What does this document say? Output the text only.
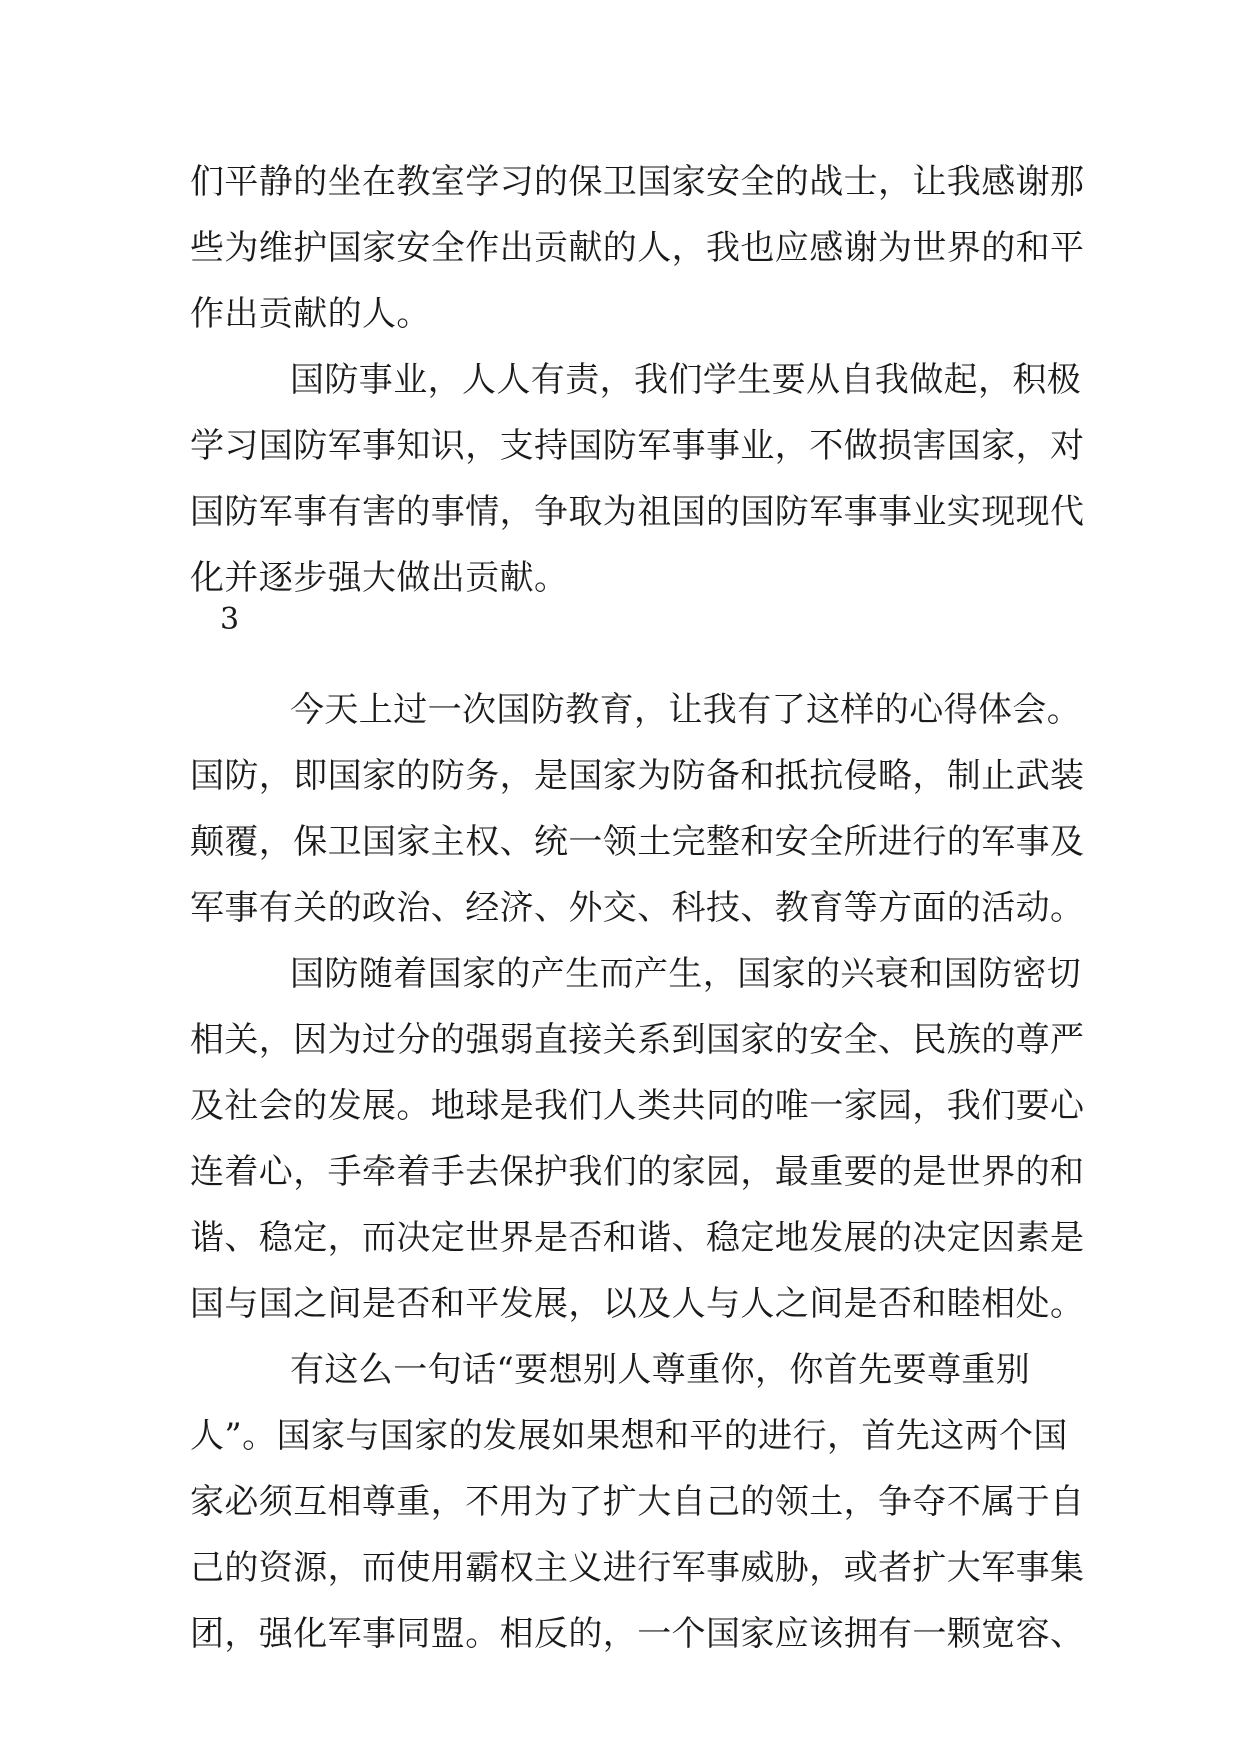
们平静的坐在教室学习的保卫国家安全的战士，让我感谢那
些为维护国家安全作出贡献的人，我也应感谢为世界的和平
作出贡献的人。
国防事业，人人有责，我们学生要从自我做起，积极
学习国防军事知识，支持国防军事事业，不做损害国家，对
国防军事有害的事情，争取为祖国的国防军事事业实现现代
化并逐步强大做出贡献。
3
今天上过一次国防教育，让我有了这样的心得体会。
国防，即国家的防务，是国家为防备和抵抗侵略，制止武装
颠覆，保卫国家主权、统一领土完整和安全所进行的军事及
军事有关的政治、经济、外交、科技、教育等方面的活动。
国防随着国家的产生而产生，国家的兴衰和国防密切
相关，因为过分的强弱直接关系到国家的安全、民族的尊严
及社会的发展。地球是我们人类共同的唯一家园，我们要心
连着心，手牵着手去保护我们的家园，最重要的是世界的和
谐、稳定，而决定世界是否和谐、稳定地发展的决定因素是
国与国之间是否和平发展，以及人与人之间是否和睦相处。
有这么一句话“要想别人尊重你，你首先要尊重别
人”。国家与国家的发展如果想和平的进行，首先这两个国
家必须互相尊重，不用为了扩大自己的领土，争夺不属于自
己的资源，而使用霸权主义进行军事威胁，或者扩大军事集
团，强化军事同盟。相反的，一个国家应该拥有一颗宽容、
